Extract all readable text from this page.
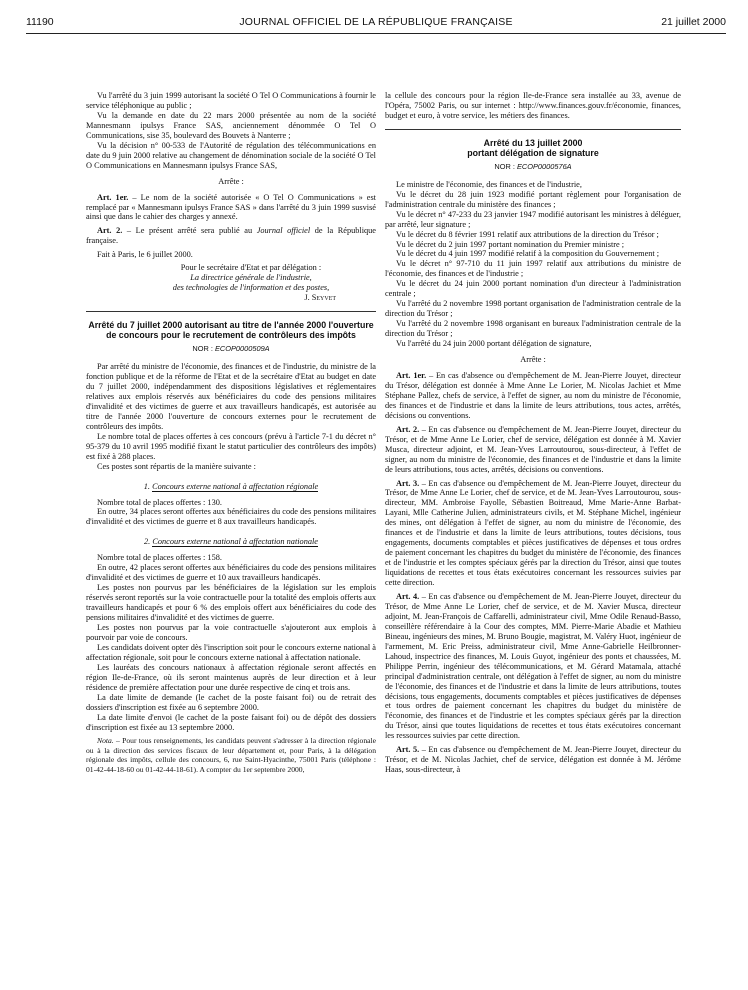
11190	JOURNAL OFFICIEL DE LA RÉPUBLIQUE FRANÇAISE	21 juillet 2000

Vu l'arrêté du 3 juin 1999 autorisant la société O Tel O Communications à fournir le service téléphonique au public ;

Vu la demande en date du 22 mars 2000 présentée au nom de la société Mannesmann ipulsys France SAS, anciennement dénommée O Tel O Communications, sise 35, boulevard des Bouvets à Nanterre ;

Vu la décision n° 00-533 de l'Autorité de régulation des télécommunications en date du 9 juin 2000 relative au changement de dénomination sociale de la société O Tel O Communications en Mannesmann ipulsys France SAS,

Arrête :

Art. 1er. – Le nom de la société autorisée « O Tel O Communications » est remplacé par « Mannesmann ipulsys France SAS » dans l'arrêté du 3 juin 1999 susvisé ainsi que dans le cahier des charges y annexé.

Art. 2. – Le présent arrêté sera publié au Journal officiel de la République française.

Fait à Paris, le 6 juillet 2000.

Pour le secrétaire d'Etat et par délégation :
La directrice générale de l'industrie,
des technologies de l'information et des postes,
J. Seyvet

Arrêté du 7 juillet 2000 autorisant au titre de l'année 2000 l'ouverture de concours pour le recrutement de contrôleurs des impôts

NOR : ECOP0000509A

Par arrêté du ministre de l'économie, des finances et de l'industrie, du ministre de la fonction publique et de la réforme de l'Etat et de la secrétaire d'Etat au budget en date du 7 juillet 2000, indépendamment des dispositions législatives et réglementaires relatives aux emplois réservés aux bénéficiaires du code des pensions militaires d'invalidité et des victimes de guerre et aux travailleurs handicapés, est autorisée au titre de l'année 2000 l'ouverture de concours externes pour le recrutement de contrôleurs des impôts.

Le nombre total de places offertes à ces concours (prévu à l'article 7-1 du décret n° 95-379 du 10 avril 1995 modifié fixant le statut particulier des contrôleurs des impôts) est fixé à 288 places.

Ces postes sont répartis de la manière suivante :

1. Concours externe national à affectation régionale

Nombre total de places offertes : 130.

En outre, 34 places seront offertes aux bénéficiaires du code des pensions militaires d'invalidité et des victimes de guerre et 8 aux travailleurs handicapés.

2. Concours externe national à affectation nationale

Nombre total de places offertes : 158.

En outre, 42 places seront offertes aux bénéficiaires du code des pensions militaires d'invalidité et des victimes de guerre et 10 aux travailleurs handicapés.

Les postes non pourvus par les bénéficiaires de la législation sur les emplois réservés seront reportés sur la voie contractuelle pour la totalité des emplois offerts aux travailleurs handicapés et pour 6 % des emplois offert aux bénéficiaires du code des pensions militaires d'invalidité et des victimes de guerre.

Les postes non pourvus par la voie contractuelle s'ajouteront aux emplois à pourvoir par voie de concours.

Les candidats doivent opter dès l'inscription soit pour le concours externe national à affectation régionale, soit pour le concours externe national à affectation nationale.

Les lauréats des concours nationaux à affectation régionale seront affectés en région Ile-de-France, où ils seront maintenus auprès de leur direction et à leur résidence de première affectation pour une durée respective de cinq et trois ans.

La date limite de demande (le cachet de la poste faisant foi) ou de retrait des dossiers d'inscription est fixée au 6 septembre 2000.

La date limite d'envoi (le cachet de la poste faisant foi) ou de dépôt des dossiers d'inscription est fixée au 13 septembre 2000.

Nota. – Pour tous renseignements, les candidats peuvent s'adresser à la direction régionale ou à la direction des services fiscaux de leur département et, pour Paris, à la délégation régionale des impôts, cellule des concours, 6, rue Saint-Hyacinthe, 75001 Paris (téléphone : 01-42-44-18-60 ou 01-42-44-18-61). A compter du 1er septembre 2000,

la cellule des concours pour la région Ile-de-France sera installée au 33, avenue de l'Opéra, 75002 Paris, ou sur internet : http://www.finances.gouv.fr/économie, finances, budget et euro, à votre service, les métiers des finances.

Arrêté du 13 juillet 2000
portant délégation de signature

NOR : ECOP0000576A

Le ministre de l'économie, des finances et de l'industrie,

Vu le décret du 28 juin 1923 modifié portant règlement pour l'organisation de l'administration centrale du ministère des finances ;

Vu le décret n° 47-233 du 23 janvier 1947 modifié autorisant les ministres à déléguer, par arrêté, leur signature ;

Vu le décret du 8 février 1991 relatif aux attributions de la direction du Trésor ;

Vu le décret du 2 juin 1997 portant nomination du Premier ministre ;

Vu le décret du 4 juin 1997 modifié relatif à la composition du Gouvernement ;

Vu le décret n° 97-710 du 11 juin 1997 relatif aux attributions du ministre de l'économie, des finances et de l'industrie ;

Vu le décret du 24 juin 2000 portant nomination d'un directeur à l'administration centrale ;

Vu l'arrêté du 2 novembre 1998 portant organisation de l'administration centrale de la direction du Trésor ;

Vu l'arrêté du 2 novembre 1998 organisant en bureaux l'administration centrale de la direction du Trésor ;

Vu l'arrêté du 24 juin 2000 portant délégation de signature,

Arrête :

Art. 1er. – En cas d'absence ou d'empêchement de M. Jean-Pierre Jouyet, directeur du Trésor, délégation est donnée à Mme Anne Le Lorier, M. Nicolas Jachiet et Mme Stéphane Pallez, chefs de service, à l'effet de signer, au nom du ministre de l'économie, des finances et de l'industrie et dans la limite de leurs attributions, tous actes, arrêtés, décisions ou conventions.

Art. 2. – En cas d'absence ou d'empêchement de M. Jean-Pierre Jouyet, directeur du Trésor, et de Mme Anne Le Lorier, chef de service, délégation est donnée à M. Xavier Musca, directeur adjoint, et M. Jean-Yves Larroutourou, sous-directeur, à l'effet de signer, au nom du ministre de l'économie, des finances et de l'industrie et dans la limite de leurs attributions, tous actes, arrêtés, décisions ou conventions.

Art. 3. – En cas d'absence ou d'empêchement de M. Jean-Pierre Jouyet, directeur du Trésor, de Mme Anne Le Lorier, chef de service, et de M. Jean-Yves Larroutourou, sous-directeur, MM. Ambroise Fayolle, Sébastien Boitreaud, Mme Marie-Anne Barbat-Layani, Mlle Catherine Julien, administrateurs civils, et M. Stéphane Michel, ingénieur des mines, ont délégation à l'effet de signer, au nom du ministre de l'économie, des finances et de l'industrie et dans la limite de leurs attributions, toutes décisions, tous engagements, documents comptables et pièces justificatives de dépenses et tous ordres de paiement concernant les chapitres du budget du ministère de l'économie, des finances et de l'industrie et les comptes spéciaux gérés par la direction du Trésor, ainsi que toutes liquidations de recettes et tous états exécutoires concernant les ressources suivies par cette direction.

Art. 4. – En cas d'absence ou d'empêchement de M. Jean-Pierre Jouyet, directeur du Trésor, de Mme Anne Le Lorier, chef de service, et de M. Xavier Musca, directeur adjoint, M. Jean-François de Caffarelli, administrateur civil, Mme Odile Renaud-Basso, conseillère référendaire à la Cour des comptes, MM. Pierre-Marie Abadie et Mathieu Bineau, ingénieurs des mines, M. Bruno Bougie, magistrat, M. Valéry Huot, ingénieur de l'armement, M. Eric Preiss, administrateur civil, Mme Anne-Gabrielle Heilbronner-Lahoud, inspectrice des finances, M. Louis Guyot, ingénieur des ponts et chaussées, M. Philippe Perrin, ingénieur des télécommunications, et M. Gérard Matamala, attaché principal d'administration centrale, ont délégation à l'effet de signer, au nom du ministre de l'économie, des finances et de l'industrie et dans la limite de leurs attributions, toutes décisions, tous engagements, documents comptables et pièces justificatives de dépenses et tous ordres de paiement concernant les chapitres du budget du ministère de l'économie, des finances et de l'industrie et les comptes spéciaux gérés par la direction du Trésor, ainsi que toutes liquidations de recettes et tous états exécutoires concernant les ressources suivies par cette direction.

Art. 5. – En cas d'absence ou d'empêchement de M. Jean-Pierre Jouyet, directeur du Trésor, et de M. Nicolas Jachiet, chef de service, délégation est donnée à M. Jérôme Haas, sous-directeur, à
